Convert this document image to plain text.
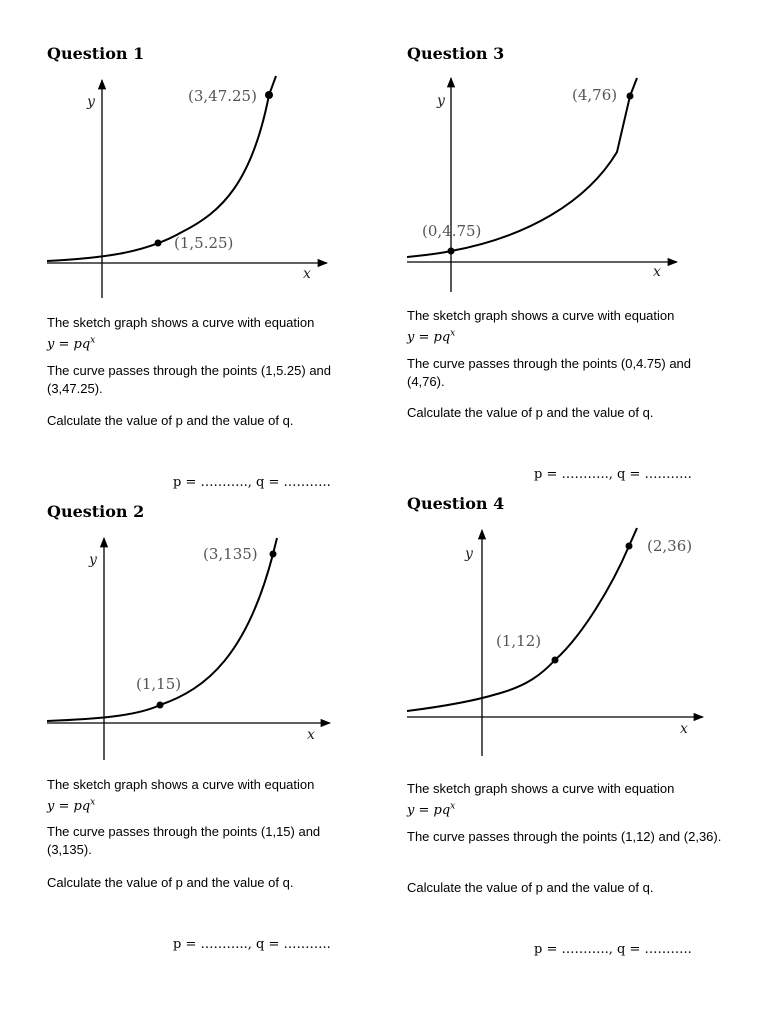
Question 1
y
x
(1,5.25)
(3,47.25)
The sketch graph shows a curve with equation
$y = pq^x$
The curve passes through the points (1,5.25) and (3,47.25).
Calculate the value of p and the value of q.
p = ……….., q = ………..
Question 3
y
x
(0,4.75)
(4,76)
The sketch graph shows a curve with equation
$y = pq^x$
The curve passes through the points (0,4.75) and (4,76).
Calculate the value of p and the value of q.
p = ……….., q = ………..
Question 2
y
x
(1,15)
(3,135)
The sketch graph shows a curve with equation
$y = pq^x$
The curve passes through the points (1,15) and (3,135).
Calculate the value of p and the value of q.
p = ……….., q = ………..
Question 4
y
x
(1,12)
(2,36)
The sketch graph shows a curve with equation
$y = pq^x$
The curve passes through the points (1,12) and (2,36).
Calculate the value of p and the value of q.
p = ……….., q = ………..
